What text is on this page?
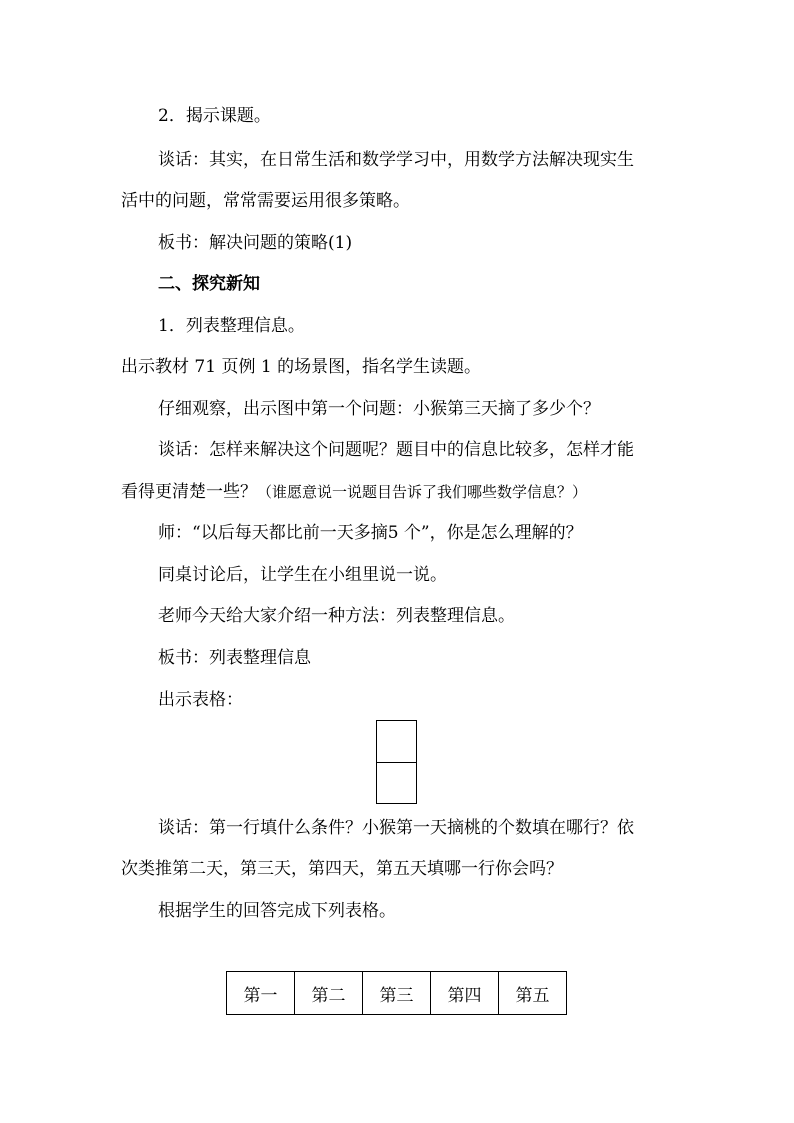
2．揭示课题。
谈话：其实，在日常生活和数学学习中，用数学方法解决现实生
活中的问题，常常需要运用很多策略。
板书：解决问题的策略(1)
二、探究新知
1．列表整理信息。
出示教材 71 页例 1 的场景图，指名学生读题。
仔细观察，出示图中第一个问题：小猴第三天摘了多少个？
谈话：怎样来解决这个问题呢？题目中的信息比较多，怎样才能
看得更清楚一些？（谁愿意说一说题目告诉了我们哪些数学信息？）
师：“以后每天都比前一天多摘5 个”，你是怎么理解的？
同桌讨论后，让学生在小组里说一说。
老师今天给大家介绍一种方法：列表整理信息。
板书：列表整理信息
出示表格：
谈话：第一行填什么条件？小猴第一天摘桃的个数填在哪行？依
次类推第二天，第三天，第四天，第五天填哪一行你会吗？
根据学生的回答完成下列表格。
第一	第二	第三	第四	第五
